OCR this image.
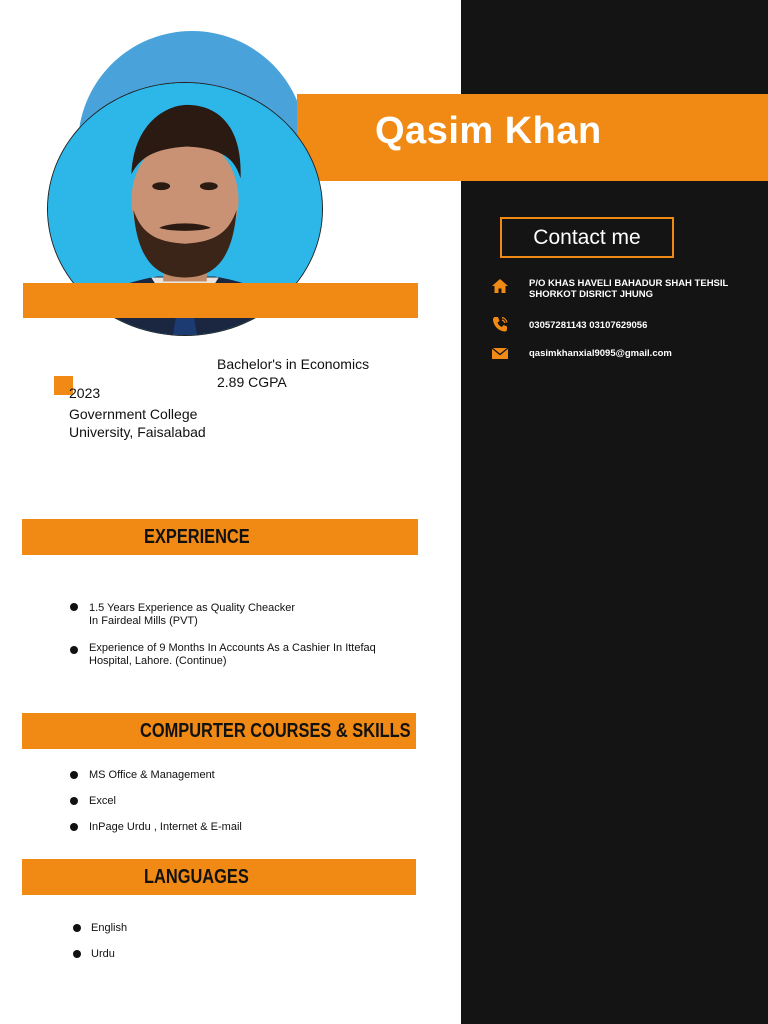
Qasim Khan
Bachelor's in Economics
2.89 CGPA
2023
Government College
University, Faisalabad
EXPERIENCE
1.5 Years Experience as Quality Cheacker
In Fairdeal Mills (PVT)
Experience of 9 Months In Accounts As a Cashier In Ittefaq
Hospital, Lahore. (Continue)
COMPURTER COURSES & SKILLS
MS Office & Management
Excel
InPage Urdu , Internet & E-mail
LANGUAGES
English
Urdu
Contact me
P/O KHAS HAVELI BAHADUR SHAH TEHSIL
SHORKOT DISRICT JHUNG
03057281143 03107629056
qasimkhanxial9095@gmail.com
